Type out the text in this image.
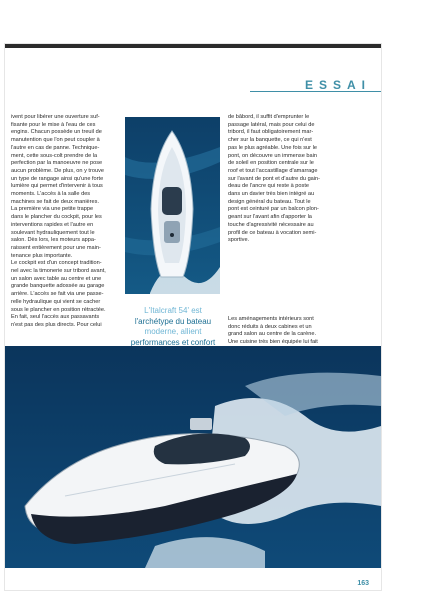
ESSAI

ivent pour libérer une ouverture suf-

fisante pour le mise à l'eau de ces

engins. Chacun possède un treuil de

manutention que l'on peut coupler à

l'autre en cas de panne. Technique-

ment, cette sous-colt prendre de la

perfection par la manoeuvre ne pose

aucun problème. De plus, on y trouve

un type de rangage ainsi qu'une forte

lumière qui permet d'intervenir à tous

moments. L'accès à la salle des

machines se fait de deux manières.

La première via une petite trappe

dans le plancher du cockpit, pour les

interventions rapides et l'autre en

soulevant hydrauliquement tout le

salon. Dès lors, les moteurs appa-

raissent entièrement pour une main-

tenance plus importante.

Le cockpit est d'un concept tradition-

nel avec la timonerie sur tribord avant,

un salon avec table au centre et une

grande banquette adossée au garage

arrière. L'accès se fait via une passe-

relle hydraulique qui vient se cacher

sous le plancher en position rétractée.

En fait, seul l'accès aux passavants

n'est pas des plus directs. Pour celui

L'Italcraft 54' est
l'archétype du bateau
moderne, allient
performances et confort

de bâbord, il suffit d'emprunter le

passage latéral, mais pour celui de

tribord, il faut obligatoirement mar-

cher sur la banquette, ce qui n'est

pas le plus agréable. Une fois sur le

pont, on découvre un immense bain

de soleil en position centrale sur le

roof et tout l'accastillage d'amarrage

sur l'avant de pont et d'autre du gain-

deau de l'ancre qui reste à poste

dans un davier très bien intégré au

design général du bateau. Tout le

pont est ceinturé par un balcon plon-

geant sur l'avant afin d'apporter la

touche d'agressivité nécessaire au

profil de ce bateau à vocation semi-

sportive.

Les aménagements intérieurs sont

donc réduits à deux cabines et un

grand salon au centre de la carène.

Une cuisine très bien équipée lui fait

163
